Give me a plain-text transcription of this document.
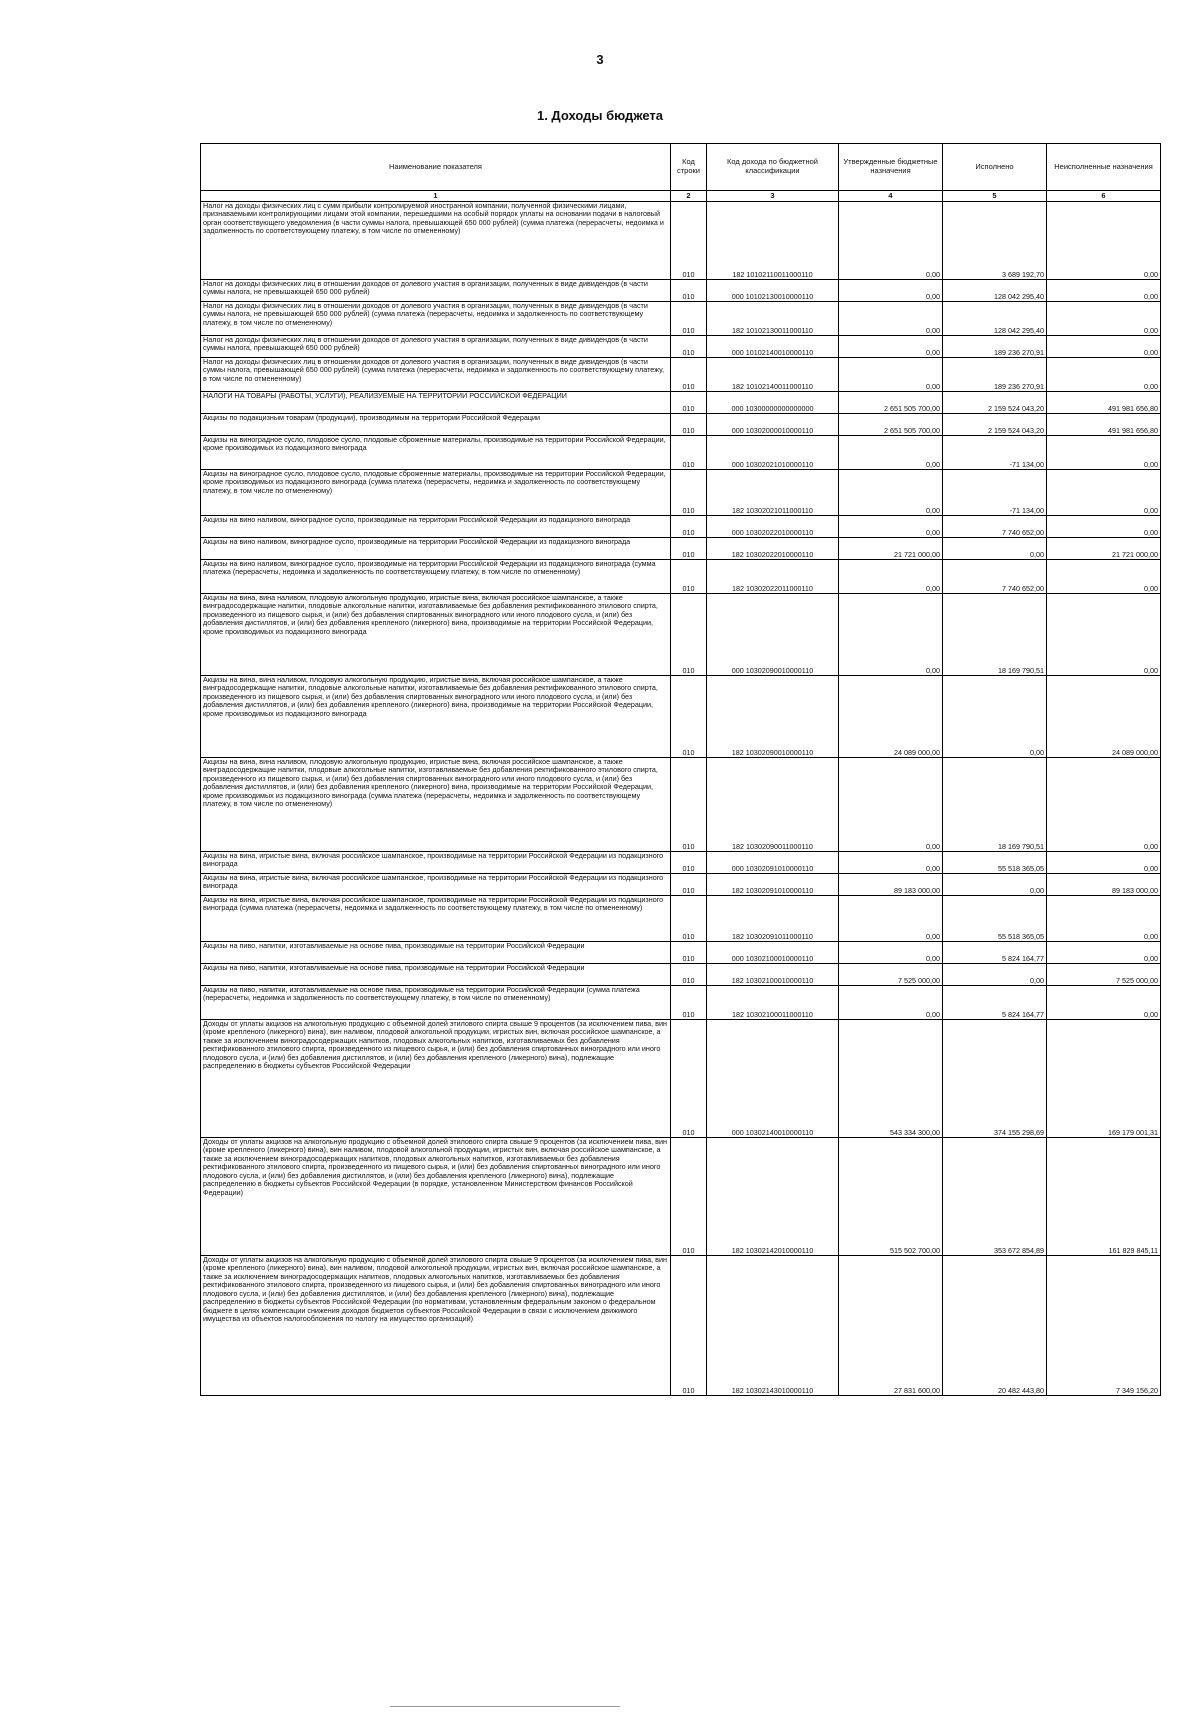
3
1. Доходы бюджета
Наименование показателя	Код строки	Код дохода по бюджетной классификации	Утвержденные бюджетные назначения	Исполнено	Неисполненные назначения
1	2	3	4	5	6
Налог на доходы физических лиц с сумм прибыли контролируемой иностранной компании, полученной физическими лицами, признаваемыми контролирующими лицами этой компании, перешедшими на особый порядок уплаты на основании подачи в налоговый орган соответствующего уведомления (в части суммы налога, превышающей 650 000 рублей) (сумма платежа (перерасчеты, недоимка и задолженность по соответствующему платежу, в том числе по отмененному)	010	182 10102110011000110	0,00	3 689 192,70	0,00
Налог на доходы физических лиц в отношении доходов от долевого участия в организации, полученных в виде дивидендов (в части суммы налога, не превышающей 650 000 рублей)	010	000 10102130010000110	0,00	128 042 295,40	0,00
Налог на доходы физических лиц в отношении доходов от долевого участия в организации, полученных в виде дивидендов (в части суммы налога, не превышающей 650 000 рублей) (сумма платежа (перерасчеты, недоимка и задолженность по соответствующему платежу, в том числе по отмененному)	010	182 10102130011000110	0,00	128 042 295,40	0,00
Налог на доходы физических лиц в отношении доходов от долевого участия в организации, полученных в виде дивидендов (в части суммы налога, превышающей 650 000 рублей)	010	000 10102140010000110	0,00	189 236 270,91	0,00
Налог на доходы физических лиц в отношении доходов от долевого участия в организации, полученных в виде дивидендов (в части суммы налога, превышающей 650 000 рублей) (сумма платежа (перерасчеты, недоимка и задолженность по соответствующему платежу, в том числе по отмененному)	010	182 10102140011000110	0,00	189 236 270,91	0,00
НАЛОГИ НА ТОВАРЫ (РАБОТЫ, УСЛУГИ), РЕАЛИЗУЕМЫЕ НА ТЕРРИТОРИИ РОССИЙСКОЙ ФЕДЕРАЦИИ	010	000 10300000000000000	2 651 505 700,00	2 159 524 043,20	491 981 656,80
Акцизы по подакцизным товарам (продукции), производимым на территории Российской Федерации	010	000 10302000010000110	2 651 505 700,00	2 159 524 043,20	491 981 656,80
Акцизы на виноградное сусло, плодовое сусло, плодовые сброженные материалы, производимые на территории Российской Федерации, кроме производимых из подакцизного винограда	010	000 10302021010000110	0,00	-71 134,00	0,00
Акцизы на виноградное сусло, плодовое сусло, плодовые сброженные материалы, производимые на территории Российской Федерации, кроме производимых из подакцизного винограда (сумма платежа (перерасчеты, недоимка и задолженность по соответствующему платежу, в том числе по отмененному)	010	182 10302021011000110	0,00	-71 134,00	0,00
Акцизы на вино наливом, виноградное сусло, производимые на территории Российской Федерации из подакцизного винограда	010	000 10302022010000110	0,00	7 740 652,00	0,00
Акцизы на вино наливом, виноградное сусло, производимые на территории Российской Федерации из подакцизного винограда	010	182 10302022010000110	21 721 000,00	0,00	21 721 000,00
Акцизы на вино наливом, виноградное сусло, производимые на территории Российской Федерации из подакцизного винограда (сумма платежа (перерасчеты, недоимка и задолженность по соответствующему платежу, в том числе по отмененному)	010	182 10302022011000110	0,00	7 740 652,00	0,00
Акцизы на вина, вина наливом, плодовую алкогольную продукцию, игристые вина, включая российское шампанское, а также винградосодержащие напитки, плодовые алкогольные напитки, изготавливаемые без добавления ректификованного этилового спирта, произведенного из пищевого сырья, и (или) без добавления спиртованных виноградного или иного плодового сусла, и (или) без добавления дистиллятов, и (или) без добавления крепленого (ликерного) вина, производимые на территории Российской Федерации, кроме производимых из подакцизного винограда	010	000 10302090010000110	0,00	18 169 790,51	0,00
Акцизы на вина, вина наливом, плодовую алкогольную продукцию, игристые вина, включая российское шампанское, а также винградосодержащие напитки, плодовые алкогольные напитки, изготавливаемые без добавления ректификованного этилового спирта, произведенного из пищевого сырья, и (или) без добавления спиртованных виноградного или иного плодового сусла, и (или) без добавления дистиллятов, и (или) без добавления крепленого (ликерного) вина, производимые на территории Российской Федерации, кроме производимых из подакцизного винограда	010	182 10302090010000110	24 089 000,00	0,00	24 089 000,00
Акцизы на вина, вина наливом, плодовую алкогольную продукцию, игристые вина, включая российское шампанское, а также винградосодержащие напитки, плодовые алкогольные напитки, изготавливаемые без добавления ректификованного этилового спирта, произведенного из пищевого сырья, и (или) без добавления спиртованных виноградного или иного плодового сусла, и (или) без добавления дистиллятов, и (или) без добавления крепленого (ликерного) вина, производимые на территории Российской Федерации, кроме производимых из подакцизного винограда (сумма платежа (перерасчеты, недоимка и задолженность по соответствующему платежу, в том числе по отмененному)	010	182 10302090011000110	0,00	18 169 790,51	0,00
Акцизы на вина, игристые вина, включая российское шампанское, производимые на территории Российской Федерации из подакцизного винограда	010	000 10302091010000110	0,00	55 518 365,05	0,00
Акцизы на вина, игристые вина, включая российское шампанское, производимые на территории Российской Федерации из подакцизного винограда	010	182 10302091010000110	89 183 000,00	0,00	89 183 000,00
Акцизы на вина, игристые вина, включая российское шампанское, производимые на территории Российской Федерации из подакцизного винограда (сумма платежа (перерасчеты, недоимка и задолженность по соответствующему платежу, в том числе по отмененному)	010	182 10302091011000110	0,00	55 518 365,05	0,00
Акцизы на пиво, напитки, изготавливаемые на основе пива, производимые на территории Российской Федерации	010	000 10302100010000110	0,00	5 824 164,77	0,00
Акцизы на пиво, напитки, изготавливаемые на основе пива, производимые на территории Российской Федерации	010	182 10302100010000110	7 525 000,00	0,00	7 525 000,00
Акцизы на пиво, напитки, изготавливаемые на основе пива, производимые на территории Российской Федерации (сумма платежа (перерасчеты, недоимка и задолженность по соответствующему платежу, в том числе по отмененному)	010	182 10302100011000110	0,00	5 824 164,77	0,00
Доходы от уплаты акцизов на алкогольную продукцию с объемной долей этилового спирта свыше 9 процентов (за исключением пива, вин (кроме крепленого (ликерного) вина), вин наливом, плодовой алкогольной продукции, игристых вин, включая российское шампанское, а также за исключением виноградосодержащих напитков, плодовых алкогольных напитков, изготавливаемых без добавления ректификованного этилового спирта, произведенного из пищевого сырья, и (или) без добавления спиртованных виноградного или иного плодового сусла, и (или) без добавления дистиллятов, и (или) без добавления крепленого (ликерного) вина), подлежащие распределению в бюджеты субъектов Российской Федерации	010	000 10302140010000110	543 334 300,00	374 155 298,69	169 179 001,31
Доходы от уплаты акцизов на алкогольную продукцию с объемной долей этилового спирта свыше 9 процентов (за исключением пива, вин (кроме крепленого (ликерного) вина), вин наливом, плодовой алкогольной продукции, игристых вин, включая российское шампанское, а также за исключением виноградосодержащих напитков, плодовых алкогольных напитков, изготавливаемых без добавления ректификованного этилового спирта, произведенного из пищевого сырья, и (или) без добавления спиртованных виноградного или иного плодового сусла, и (или) без добавления дистиллятов, и (или) без добавления крепленого (ликерного) вина), подлежащие распределению в бюджеты субъектов Российской Федерации (в порядке, установленном Министерством финансов Российской Федерации)	010	182 10302142010000110	515 502 700,00	353 672 854,89	161 829 845,11
Доходы от уплаты акцизов на алкогольную продукцию с объемной долей этилового спирта свыше 9 процентов (за исключением пива, вин (кроме крепленого (ликерного) вина), вин наливом, плодовой алкогольной продукции, игристых вин, включая российское шампанское, а также за исключением виноградосодержащих напитков, плодовых алкогольных напитков, изготавливаемых без добавления ректификованного этилового спирта, произведенного из пищевого сырья, и (или) без добавления спиртованных виноградного или иного плодового сусла, и (или) без добавления дистиллятов, и (или) без добавления крепленого (ликерного) вина), подлежащие распределению в бюджеты субъектов Российской Федерации (по нормативам, установленным федеральным законом о федеральном бюджете в целях компенсации снижения доходов бюджетов субъектов Российской Федерации в связи с исключением движимого имущества из объектов налогообложения по налогу на имущество организаций)	010	182 10302143010000110	27 831 600,00	20 482 443,80	7 349 156,20
